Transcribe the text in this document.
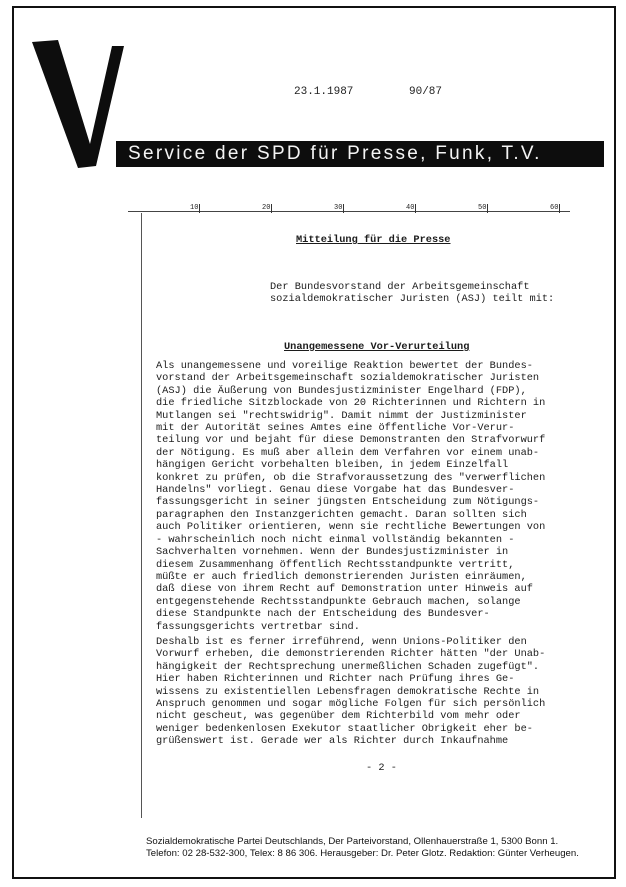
23.1.1987	90/87
Service der SPD für Presse, Funk, T.V.
10	20	30	40	50	60
Mitteilung für die Presse
Der Bundesvorstand der Arbeitsgemeinschaft
sozialdemokratischer Juristen (ASJ) teilt mit:
Unangemessene Vor-Verurteilung
Als unangemessene und voreilige Reaktion bewertet der Bundes-
vorstand der Arbeitsgemeinschaft sozialdemokratischer Juristen
(ASJ) die Äußerung von Bundesjustizminister Engelhard (FDP),
die friedliche Sitzblockade von 20 Richterinnen und Richtern in
Mutlangen sei "rechtswidrig". Damit nimmt der Justizminister
mit der Autorität seines Amtes eine öffentliche Vor-Verur-
teilung vor und bejaht für diese Demonstranten den Strafvorwurf
der Nötigung. Es muß aber allein dem Verfahren vor einem unab-
hängigen Gericht vorbehalten bleiben, in jedem Einzelfall
konkret zu prüfen, ob die Strafvoraussetzung des "verwerflichen
Handelns" vorliegt. Genau diese Vorgabe hat das Bundesver-
fassungsgericht in seiner jüngsten Entscheidung zum Nötigungs-
paragraphen den Instanzgerichten gemacht. Daran sollten sich
auch Politiker orientieren, wenn sie rechtliche Bewertungen von
- wahrscheinlich noch nicht einmal vollständig bekannten -
Sachverhalten vornehmen. Wenn der Bundesjustizminister in
diesem Zusammenhang öffentlich Rechtsstandpunkte vertritt,
müßte er auch friedlich demonstrierenden Juristen einräumen,
daß diese von ihrem Recht auf Demonstration unter Hinweis auf
entgegenstehende Rechtsstandpunkte Gebrauch machen, solange
diese Standpunkte nach der Entscheidung des Bundesver-
fassungsgerichts vertretbar sind.
Deshalb ist es ferner irreführend, wenn Unions-Politiker den
Vorwurf erheben, die demonstrierenden Richter hätten "der Unab-
hängigkeit der Rechtsprechung unermeßlichen Schaden zugefügt".
Hier haben Richterinnen und Richter nach Prüfung ihres Ge-
wissens zu existentiellen Lebensfragen demokratische Rechte in
Anspruch genommen und sogar mögliche Folgen für sich persönlich
nicht gescheut, was gegenüber dem Richterbild vom mehr oder
weniger bedenkenlosen Exekutor staatlicher Obrigkeit eher be-
grüßenswert ist. Gerade wer als Richter durch Inkaufnahme
- 2 -
Sozialdemokratische Partei Deutschlands, Der Parteivorstand, Ollenhauerstraße 1, 5300 Bonn 1.
Telefon: 02 28-532-300, Telex: 8 86 306. Herausgeber: Dr. Peter Glotz. Redaktion: Günter Verheugen.
